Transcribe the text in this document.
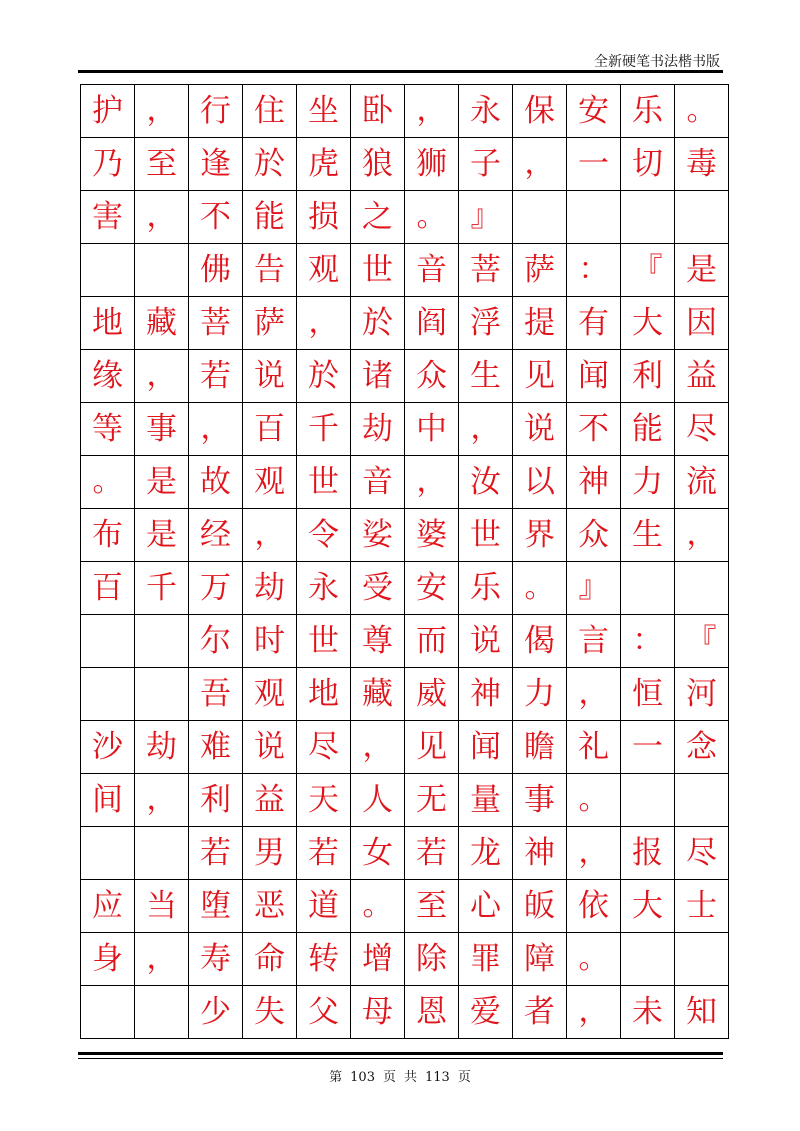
全新硬笔书法楷书版
护	，	行	住	坐	卧	，	永	保	安	乐	。
乃	至	逢	於	虎	狼	狮	子	，	一	切	毒
害	，	不	能	损	之	。	』				
		佛	告	观	世	音	菩	萨	：	『	是
地	藏	菩	萨	，	於	阎	浮	提	有	大	因
缘	，	若	说	於	诸	众	生	见	闻	利	益
等	事	，	百	千	劫	中	，	说	不	能	尽
。	是	故	观	世	音	，	汝	以	神	力	流
布	是	经	，	令	娑	婆	世	界	众	生	，
百	千	万	劫	永	受	安	乐	。	』		
		尔	时	世	尊	而	说	偈	言	：	『
		吾	观	地	藏	威	神	力	，	恒	河
沙	劫	难	说	尽	，	见	闻	瞻	礼	一	念
间	，	利	益	天	人	无	量	事	。		
		若	男	若	女	若	龙	神	，	报	尽
应	当	堕	恶	道	。	至	心	皈	依	大	士
身	，	寿	命	转	增	除	罪	障	。		
		少	失	父	母	恩	爱	者	，	未	知
第 103 页 共 113 页
